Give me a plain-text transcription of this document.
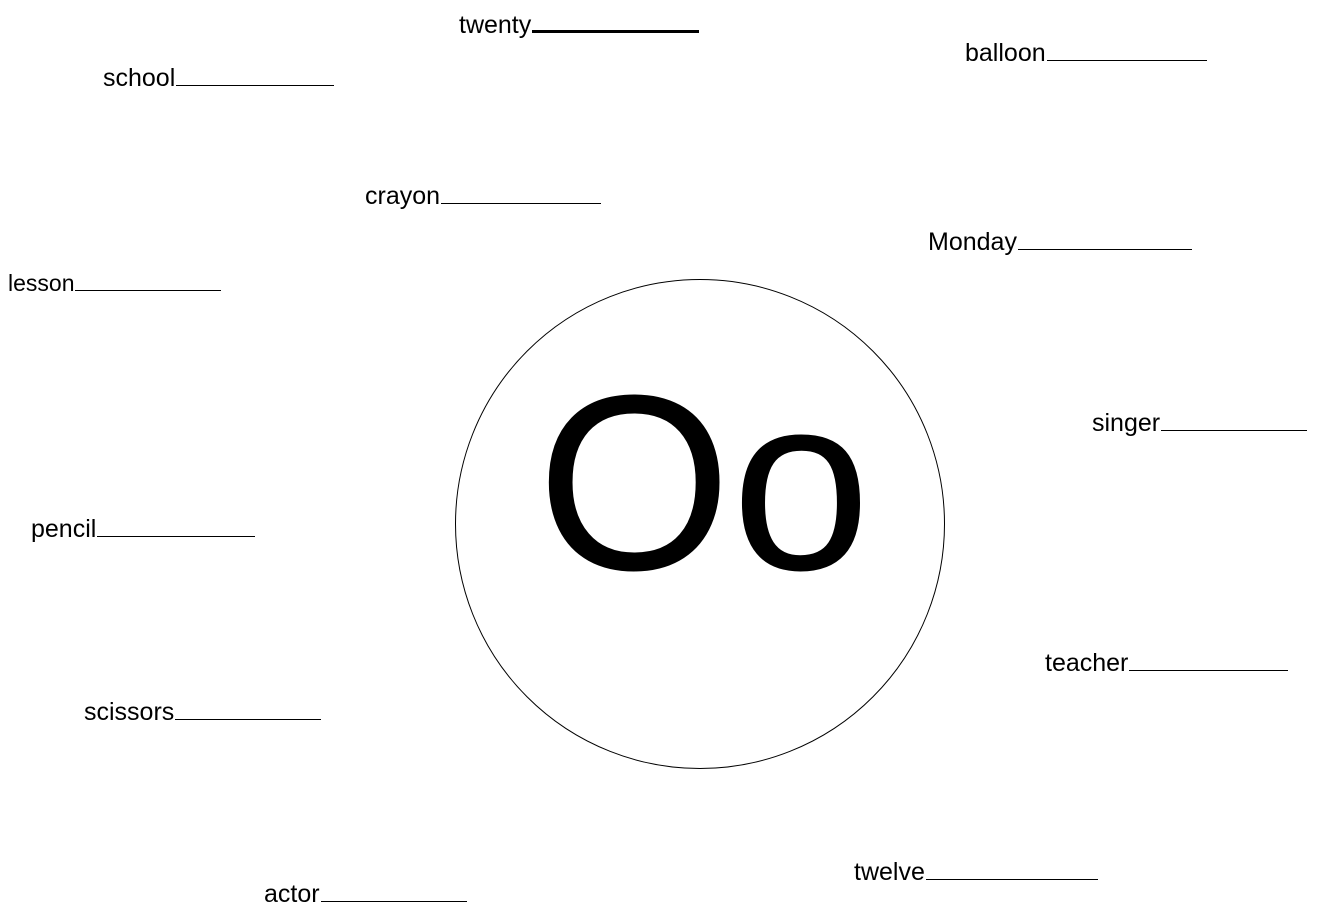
twenty
balloon
school
crayon
Monday
lesson
singer
pencil
teacher
scissors
twelve
actor
Oo
